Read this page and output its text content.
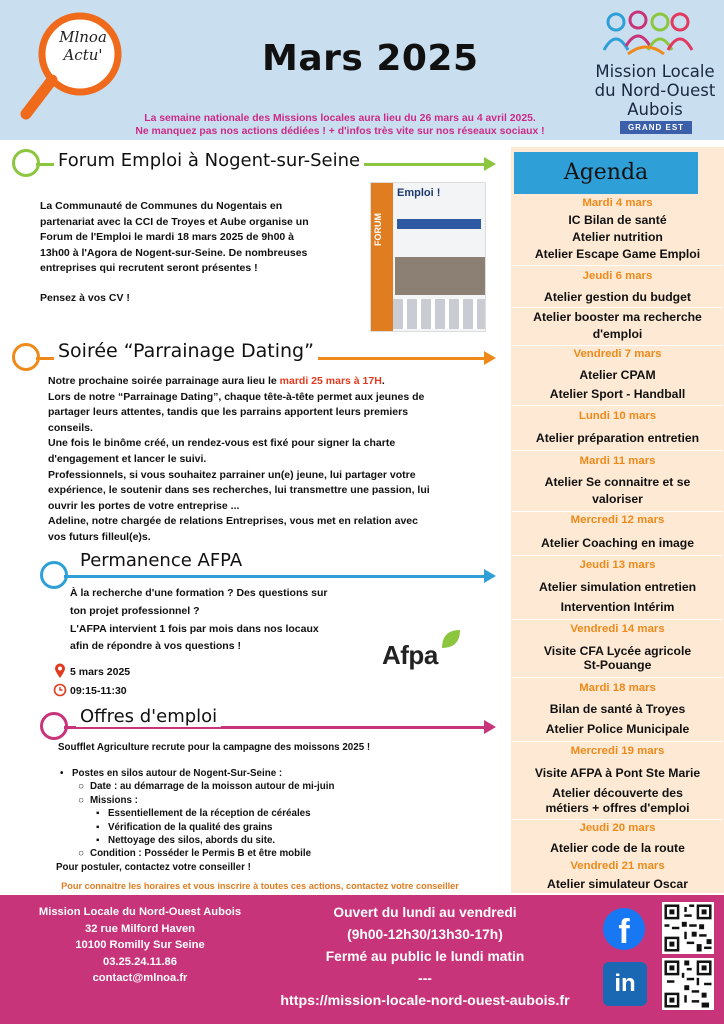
Mlnoa
Actu'	Mars 2025	Mission Locale
du Nord-Ouest Aubois
GRAND EST
La semaine nationale des Missions locales aura lieu du 26 mars au 4 avril 2025.
Ne manquez pas nos actions dédiées ! + d'infos très vite sur nos réseaux sociaux !
Forum Emploi à Nogent-sur-Seine
La Communauté de Communes du Nogentais en
partenariat avec la CCI de Troyes et Aube organise un
Forum de l'Emploi le mardi 18 mars 2025 de 9h00 à
13h00 à l'Agora de Nogent-sur-Seine. De nombreuses
entreprises qui recrutent seront présentes !
Pensez à vos CV !
FORUM
Emploi !
Soirée “Parrainage Dating”
Notre prochaine soirée parrainage aura lieu le mardi 25 mars à 17H.
Lors de notre “Parrainage Dating”, chaque tête-à-tête permet aux jeunes de
partager leurs attentes, tandis que les parrains apportent leurs premiers
conseils.
Une fois le binôme créé, un rendez-vous est fixé pour signer la charte
d'engagement et lancer le suivi.
Professionnels, si vous souhaitez parrainer un(e) jeune, lui partager votre
expérience, le soutenir dans ses recherches, lui transmettre une passion, lui
ouvrir les portes de votre entreprise ...
Adeline, notre chargée de relations Entreprises, vous met en relation avec
vos futurs filleul(e)s.
Permanence AFPA
À la recherche d'une formation ? Des questions sur
ton projet professionnel ?
L'AFPA intervient 1 fois par mois dans nos locaux
afin de répondre à vos questions !	Afpa
5 mars 2025
09:15-11:30
Offres d'emploi
Soufflet Agriculture recrute pour la campagne des moissons 2025 !
• Postes en silos autour de Nogent-Sur-Seine :
○ Date : au démarrage de la moisson autour de mi-juin
○ Missions :
▪ Essentiellement de la réception de céréales
▪ Vérification de la qualité des grains
▪ Nettoyage des silos, abords du site.
○ Condition : Posséder le Permis B et être mobile
Pour postuler, contactez votre conseiller !
Pour connaitre les horaires et vous inscrire à toutes ces actions, contactez votre conseiller
Agenda
Mardi 4 mars
IC Bilan de santé
Atelier nutrition
Atelier Escape Game Emploi
Jeudi 6 mars
Atelier gestion du budget
Atelier booster ma recherche
d'emploi
Vendredi 7 mars
Atelier CPAM
Atelier Sport - Handball
Lundi 10 mars
Atelier préparation entretien
Mardi 11 mars
Atelier Se connaitre et se
valoriser
Mercredi 12 mars
Atelier Coaching en image
Jeudi 13 mars
Atelier simulation entretien
Intervention Intérim
Vendredi 14 mars
Visite CFA Lycée agricole
St-Pouange
Mardi 18 mars
Bilan de santé à Troyes
Atelier Police Municipale
Mercredi 19 mars
Visite AFPA à Pont Ste Marie
Atelier découverte des
métiers + offres d'emploi
Jeudi 20 mars
Atelier code de la route
Vendredi 21 mars
Atelier simulateur Oscar
Mission Locale du Nord-Ouest Aubois
32 rue Milford Haven
10100 Romilly Sur Seine
03.25.24.11.86
contact@mlnoa.fr
Ouvert du lundi au vendredi
(9h00-12h30/13h30-17h)
Fermé au public le lundi matin
---
https://mission-locale-nord-ouest-aubois.fr
f
in
